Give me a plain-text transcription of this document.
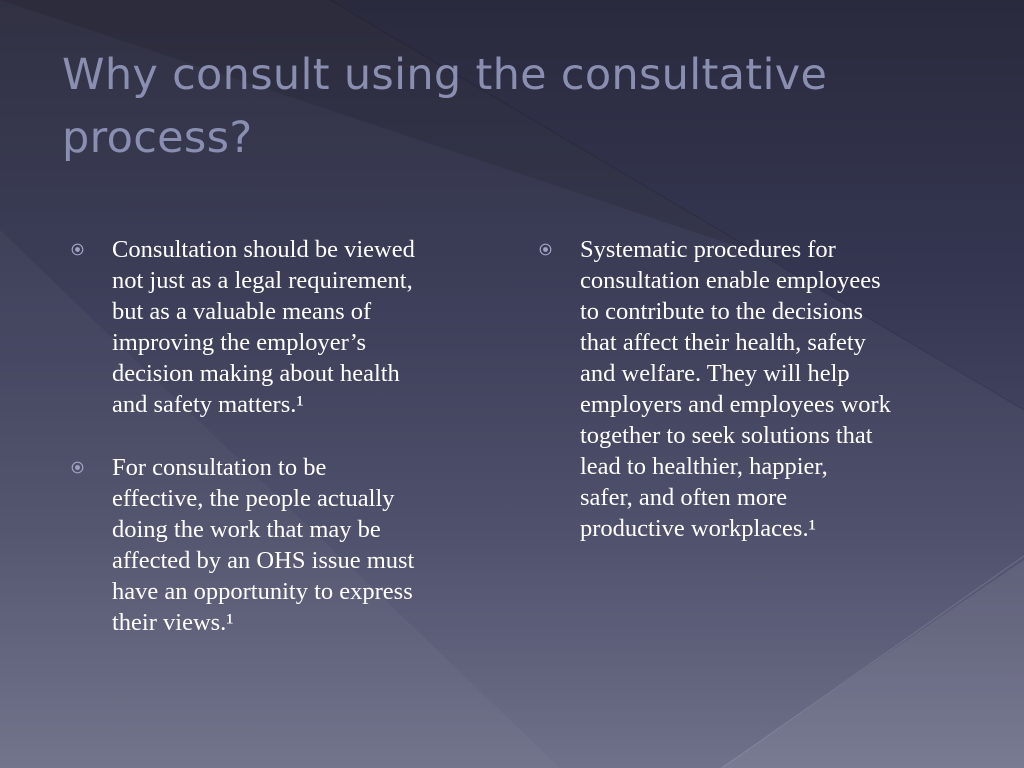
Why consult using the consultative
process?
Consultation should be viewed
not just as a legal requirement,
but as a valuable means of
improving the employer’s
decision making about health
and safety matters.¹
For consultation to be
effective, the people actually
doing the work that may be
affected by an OHS issue must
have an opportunity to express
their views.¹
Systematic procedures for
consultation enable employees
to contribute to the decisions
that affect their health, safety
and welfare. They will help
employers and employees work
together to seek solutions that
lead to healthier, happier,
safer, and often more
productive workplaces.¹
